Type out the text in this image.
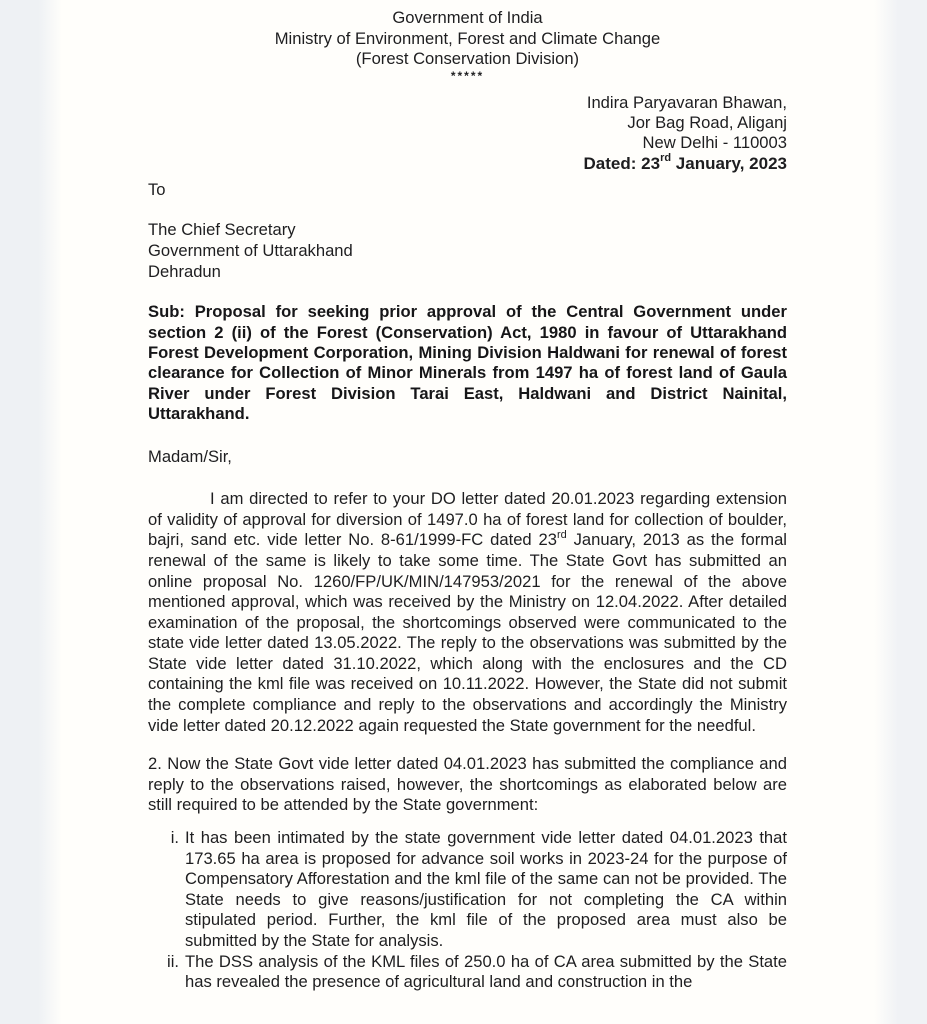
Government of India
Ministry of Environment, Forest and Climate Change
(Forest Conservation Division)
*****
Indira Paryavaran Bhawan,
Jor Bag Road, Aliganj
New Delhi - 110003
Dated: 23rd January, 2023
To
The Chief Secretary
Government of Uttarakhand
Dehradun

Sub: Proposal for seeking prior approval of the Central Government under section 2 (ii) of the Forest (Conservation) Act, 1980 in favour of Uttarakhand Forest Development Corporation, Mining Division Haldwani for renewal of forest clearance for Collection of Minor Minerals from 1497 ha of forest land of Gaula River under Forest Division Tarai East, Haldwani and District Nainital, Uttarakhand.

Madam/Sir,

I am directed to refer to your DO letter dated 20.01.2023 regarding extension of validity of approval for diversion of 1497.0 ha of forest land for collection of boulder, bajri, sand etc. vide letter No. 8-61/1999-FC dated 23rd January, 2013 as the formal renewal of the same is likely to take some time. The State Govt has submitted an online proposal No. 1260/FP/UK/MIN/147953/2021 for the renewal of the above mentioned approval, which was received by the Ministry on 12.04.2022. After detailed examination of the proposal, the shortcomings observed were communicated to the state vide letter dated 13.05.2022. The reply to the observations was submitted by the State vide letter dated 31.10.2022, which along with the enclosures and the CD containing the kml file was received on 10.11.2022. However, the State did not submit the complete compliance and reply to the observations and accordingly the Ministry vide letter dated 20.12.2022 again requested the State government for the needful.

2. Now the State Govt vide letter dated 04.01.2023 has submitted the compliance and reply to the observations raised, however, the shortcomings as elaborated below are still required to be attended by the State government:

i. It has been intimated by the state government vide letter dated 04.01.2023 that 173.65 ha area is proposed for advance soil works in 2023-24 for the purpose of Compensatory Afforestation and the kml file of the same can not be provided. The State needs to give reasons/justification for not completing the CA within stipulated period. Further, the kml file of the proposed area must also be submitted by the State for analysis.
ii. The DSS analysis of the KML files of 250.0 ha of CA area submitted by the State has revealed the presence of agricultural land and construction in the
